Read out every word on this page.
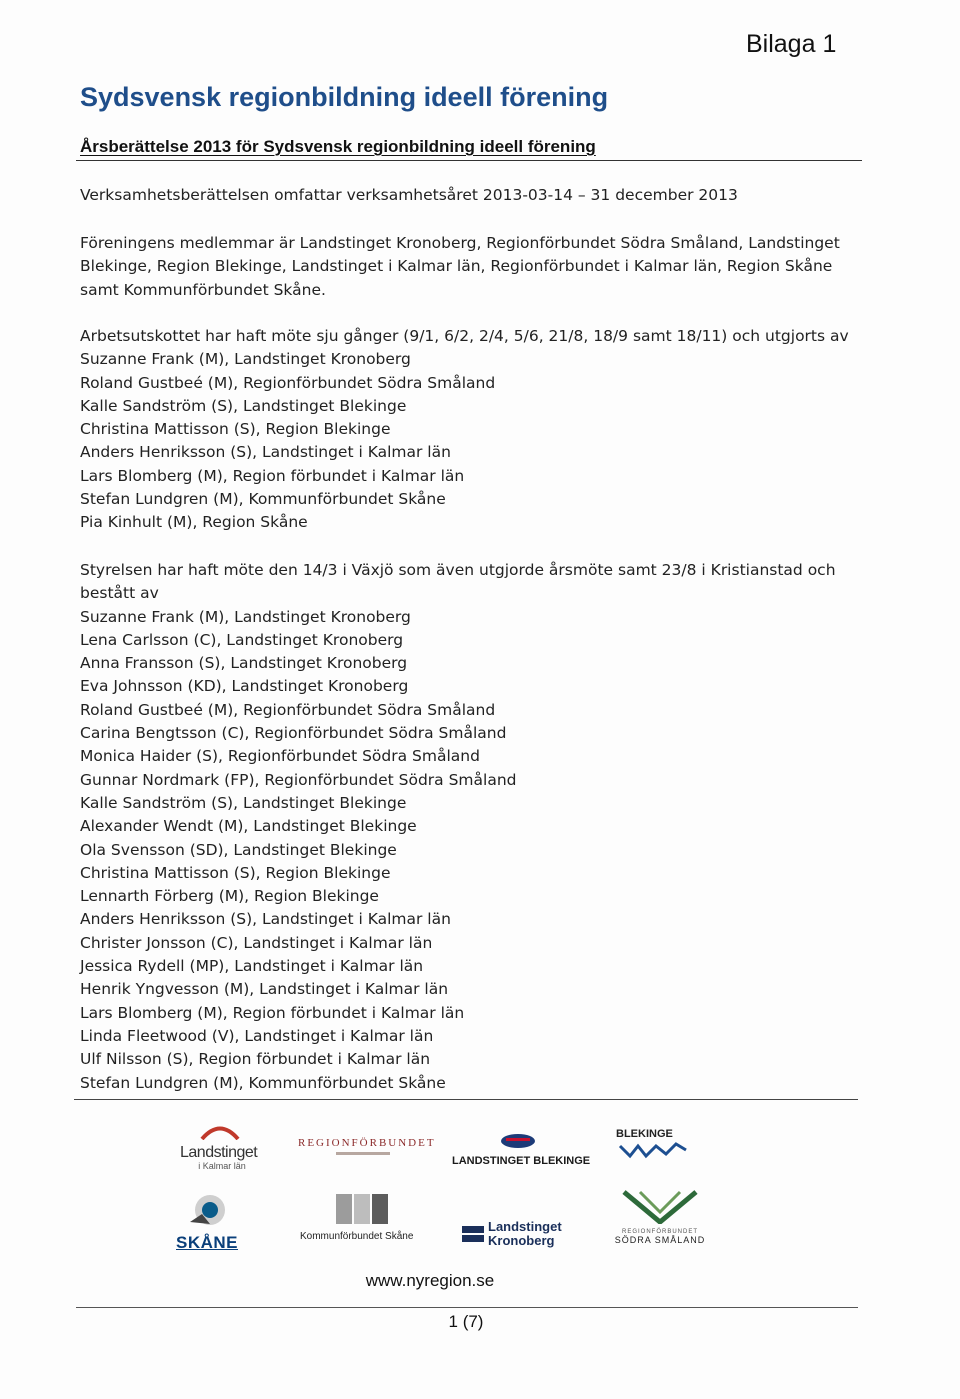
Bilaga 1
Sydsvensk regionbildning ideell förening
Årsberättelse 2013 för Sydsvensk regionbildning ideell förening
Verksamhetsberättelsen omfattar verksamhetsåret 2013-03-14 – 31 december 2013
Föreningens medlemmar är Landstinget Kronoberg, Regionförbundet Södra Småland, Landstinget Blekinge, Region Blekinge, Landstinget i Kalmar län, Regionförbundet i Kalmar län, Region Skåne samt Kommunförbundet Skåne.
Arbetsutskottet har haft möte sju gånger (9/1, 6/2, 2/4, 5/6, 21/8, 18/9 samt 18/11) och utgjorts av
Suzanne Frank (M), Landstinget Kronoberg
Roland Gustbeé (M), Regionförbundet Södra Småland
Kalle Sandström (S), Landstinget Blekinge
Christina Mattisson (S), Region Blekinge
Anders Henriksson (S), Landstinget i Kalmar län
Lars Blomberg (M), Region förbundet i Kalmar län
Stefan Lundgren (M), Kommunförbundet Skåne
Pia Kinhult (M), Region Skåne
Styrelsen har haft möte den 14/3 i Växjö som även utgjorde årsmöte samt 23/8 i Kristianstad och
bestått av
Suzanne Frank (M), Landstinget Kronoberg
Lena Carlsson (C), Landstinget Kronoberg
Anna Fransson (S), Landstinget Kronoberg
Eva Johnsson (KD), Landstinget Kronoberg
Roland Gustbeé (M), Regionförbundet Södra Småland
Carina Bengtsson (C), Regionförbundet Södra Småland
Monica Haider (S), Regionförbundet Södra Småland
Gunnar Nordmark (FP), Regionförbundet Södra Småland
Kalle Sandström (S), Landstinget Blekinge
Alexander Wendt (M), Landstinget Blekinge
Ola Svensson (SD), Landstinget Blekinge
Christina Mattisson (S), Region Blekinge
Lennarth Förberg (M), Region Blekinge
Anders Henriksson (S), Landstinget i Kalmar län
Christer Jonsson (C), Landstinget i Kalmar län
Jessica Rydell (MP), Landstinget i Kalmar län
Henrik Yngvesson (M), Landstinget i Kalmar län
Lars Blomberg (M), Region förbundet i Kalmar län
Linda Fleetwood (V), Landstinget i Kalmar län
Ulf Nilsson (S), Region förbundet i Kalmar län
Stefan Lundgren (M), Kommunförbundet Skåne
Landstinget
i Kalmar län
REGIONFÖRBUNDET
LANDSTINGET BLEKINGE
BLEKINGE
SKÅNE	Kommunförbundet Skåne
Landstinget
Kronoberg
REGIONFÖRBUNDET
SÖDRA SMÅLAND
www.nyregion.se
1 (7)
